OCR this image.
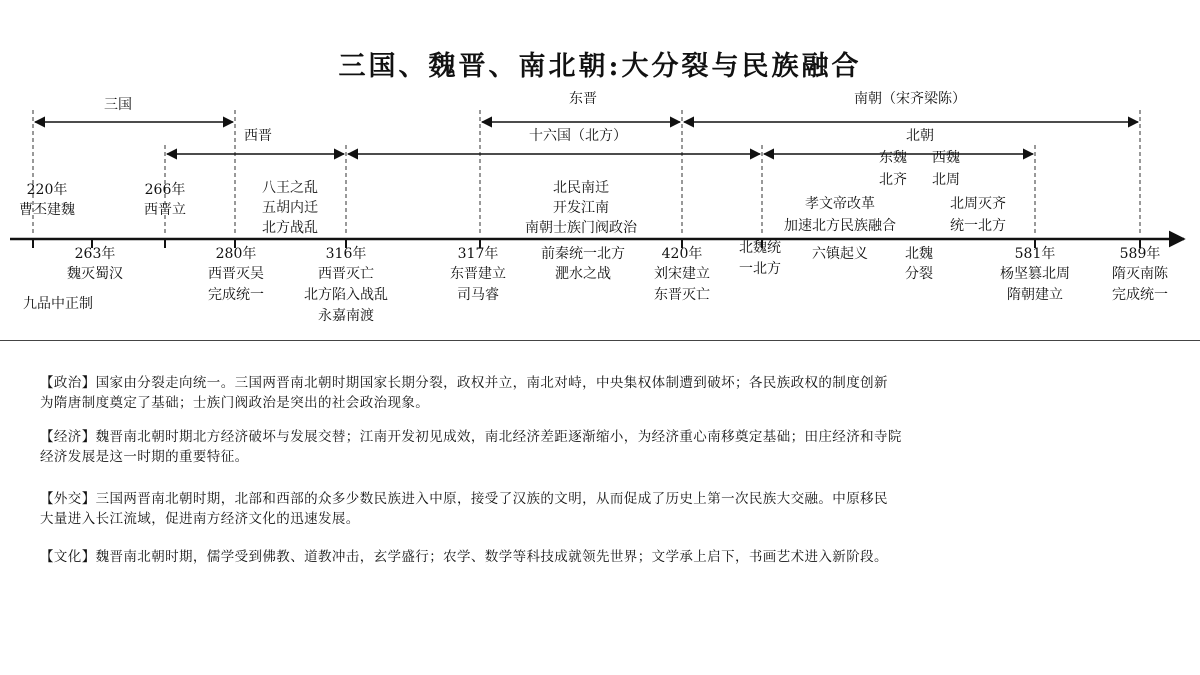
三国、魏晋、南北朝:大分裂与民族融合
三国
西晋
东晋
十六国（北方）
南朝（宋齐梁陈）
北朝
东魏
北齐
西魏
北周
220年
曹丕建魏
266年
西晋立
八王之乱
五胡内迁
北方战乱
北民南迁
开发江南
南朝士族门阀政治
孝文帝改革
加速北方民族融合
北周灭齐
统一北方
263年
魏灭蜀汉
九品中正制
280年
西晋灭吴
完成统一
316年
西晋灭亡
北方陷入战乱
永嘉南渡
317年
东晋建立
司马睿
前秦统一北方
淝水之战
420年
刘宋建立
东晋灭亡
北魏统
一北方
六镇起义	北魏
分裂
581年
杨坚篡北周
隋朝建立
589年
隋灭南陈
完成统一
【政治】国家由分裂走向统一。三国两晋南北朝时期国家长期分裂，政权并立，南北对峙，中央集权体制遭到破坏；各民族政权的制度创新
为隋唐制度奠定了基础；士族门阀政治是突出的社会政治现象。
【经济】魏晋南北朝时期北方经济破坏与发展交替；江南开发初见成效，南北经济差距逐渐缩小，为经济重心南移奠定基础；田庄经济和寺院
经济发展是这一时期的重要特征。
【外交】三国两晋南北朝时期，北部和西部的众多少数民族进入中原，接受了汉族的文明，从而促成了历史上第一次民族大交融。中原移民
大量进入长江流域，促进南方经济文化的迅速发展。
【文化】魏晋南北朝时期，儒学受到佛教、道教冲击，玄学盛行；农学、数学等科技成就领先世界；文学承上启下，书画艺术进入新阶段。
